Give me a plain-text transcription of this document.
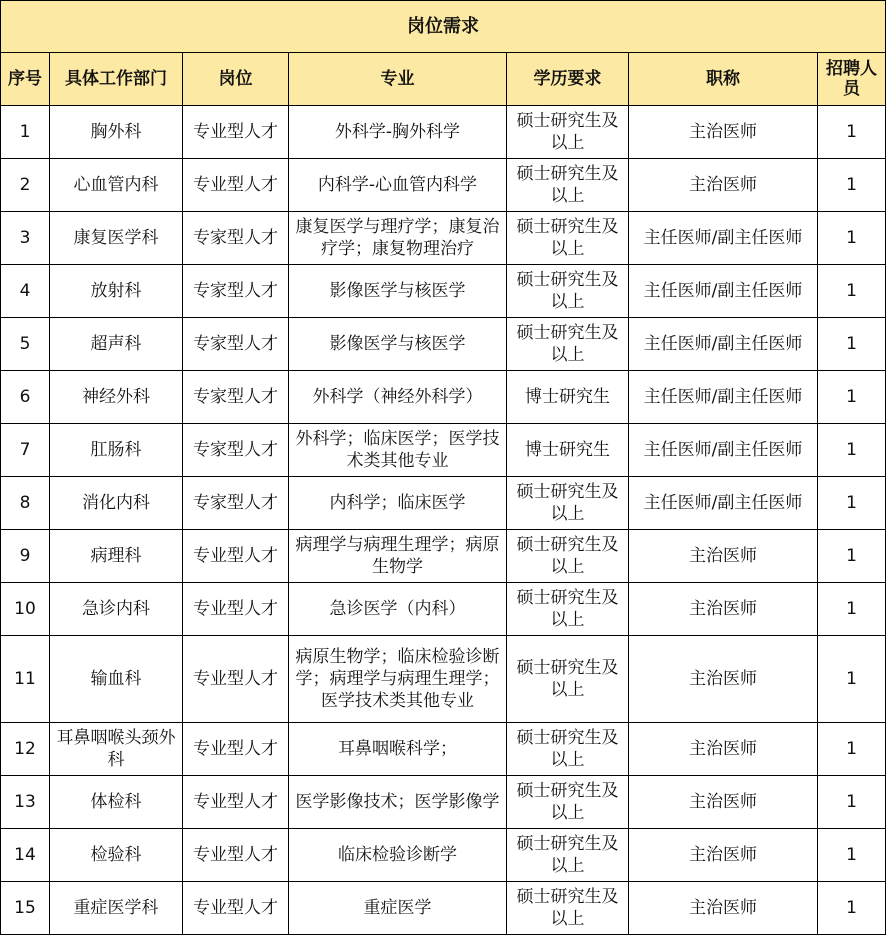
岗位需求						
序号	具体工作部门	岗位	专业	学历要求	职称	招聘人员
1	胸外科	专业型人才	外科学-胸外科学	硕士研究生及以上	主治医师	1
2	心血管内科	专业型人才	内科学-心血管内科学	硕士研究生及以上	主治医师	1
3	康复医学科	专家型人才	康复医学与理疗学；康复治疗学；康复物理治疗	硕士研究生及以上	主任医师/副主任医师	1
4	放射科	专家型人才	影像医学与核医学	硕士研究生及以上	主任医师/副主任医师	1
5	超声科	专家型人才	影像医学与核医学	硕士研究生及以上	主任医师/副主任医师	1
6	神经外科	专家型人才	外科学（神经外科学）	博士研究生	主任医师/副主任医师	1
7	肛肠科	专家型人才	外科学；临床医学；医学技术类其他专业	博士研究生	主任医师/副主任医师	1
8	消化内科	专家型人才	内科学；临床医学	硕士研究生及以上	主任医师/副主任医师	1
9	病理科	专业型人才	病理学与病理生理学；病原生物学	硕士研究生及以上	主治医师	1
10	急诊内科	专业型人才	急诊医学（内科）	硕士研究生及以上	主治医师	1
11	输血科	专业型人才	病原生物学；临床检验诊断学；病理学与病理生理学；医学技术类其他专业	硕士研究生及以上	主治医师	1
12	耳鼻咽喉头颈外科	专业型人才	耳鼻咽喉科学；	硕士研究生及以上	主治医师	1
13	体检科	专业型人才	医学影像技术；医学影像学	硕士研究生及以上	主治医师	1
14	检验科	专业型人才	临床检验诊断学	硕士研究生及以上	主治医师	1
15	重症医学科	专业型人才	重症医学	硕士研究生及以上	主治医师	1
